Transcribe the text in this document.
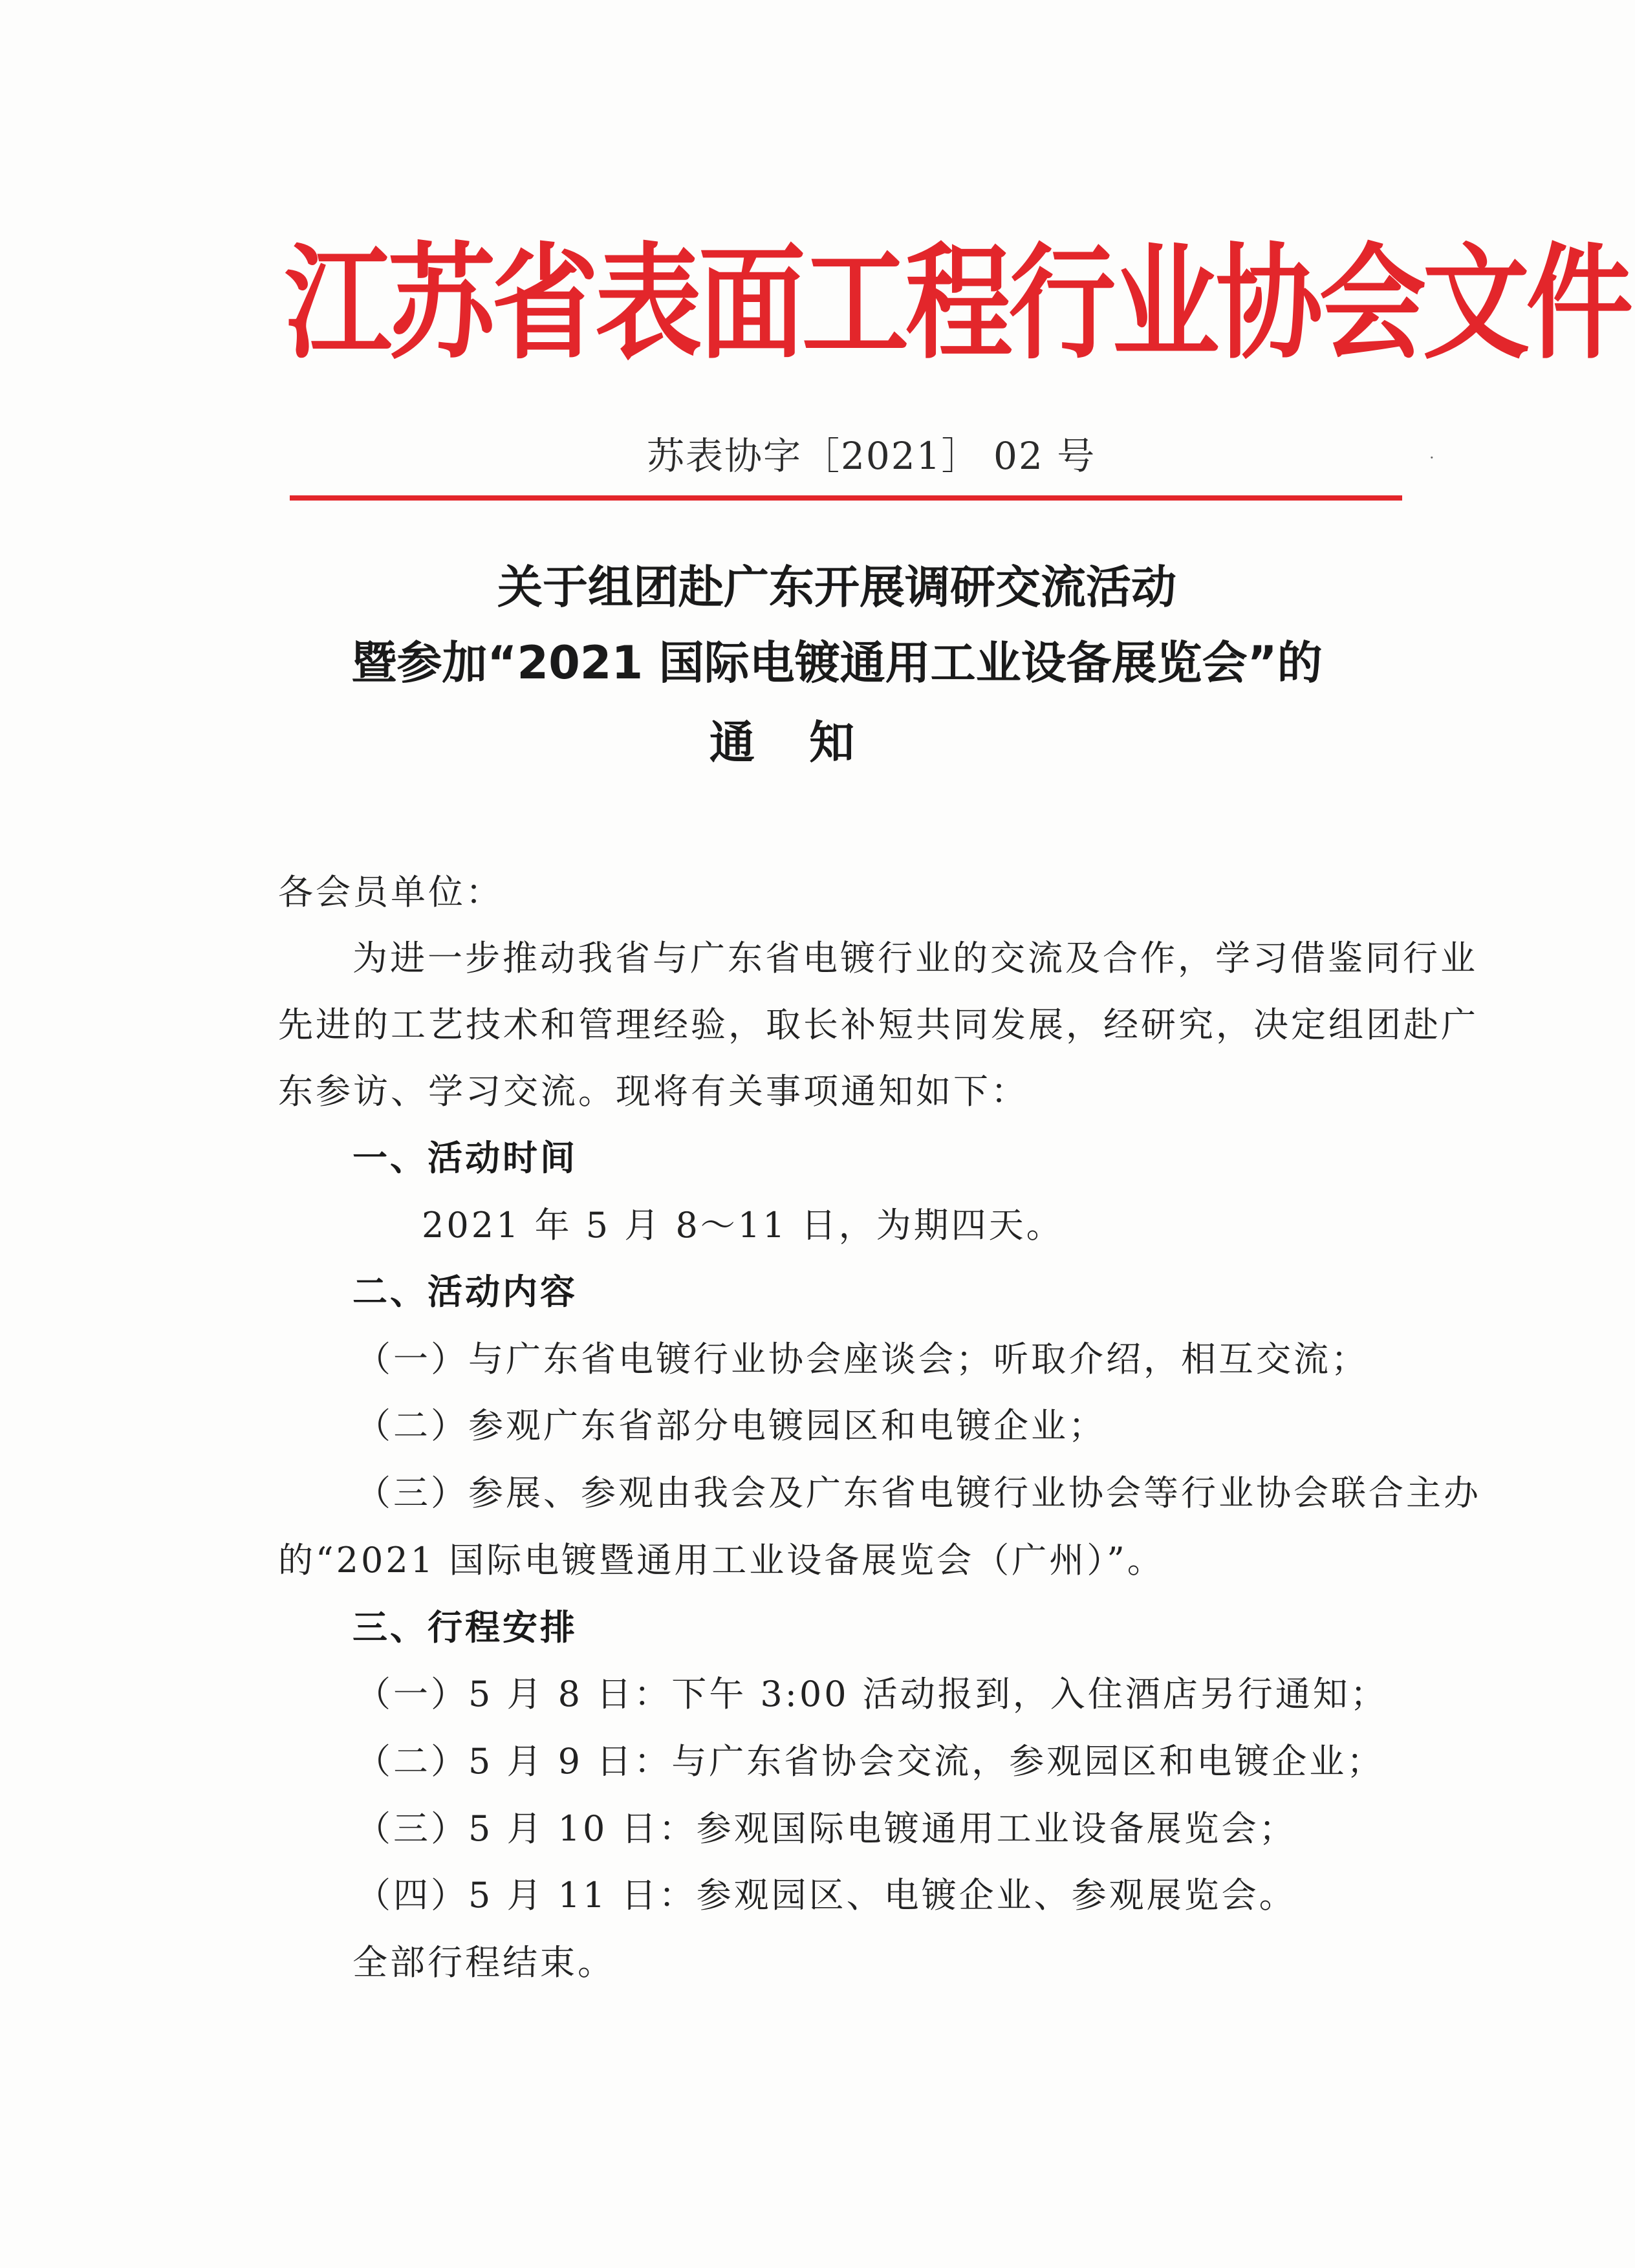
江苏省表面工程行业协会文件
苏表协字［2021］ 02 号	·
关于组团赴广东开展调研交流活动
暨参加“2021 国际电镀通用工业设备展览会”的
通 知
各会员单位：
为进一步推动我省与广东省电镀行业的交流及合作，学习借鉴同行业
先进的工艺技术和管理经验，取长补短共同发展，经研究，决定组团赴广
东参访、学习交流。现将有关事项通知如下：
一、活动时间
2021 年 5 月 8～11 日，为期四天。
二、活动内容
（一）与广东省电镀行业协会座谈会；听取介绍，相互交流；
（二）参观广东省部分电镀园区和电镀企业；
（三）参展、参观由我会及广东省电镀行业协会等行业协会联合主办
的“2021 国际电镀暨通用工业设备展览会（广州）”。
三、行程安排
（一）5 月 8 日：下午 3:00 活动报到，入住酒店另行通知；
（二）5 月 9 日：与广东省协会交流，参观园区和电镀企业；
（三）5 月 10 日：参观国际电镀通用工业设备展览会；
（四）5 月 11 日：参观园区、电镀企业、参观展览会。
全部行程结束。
